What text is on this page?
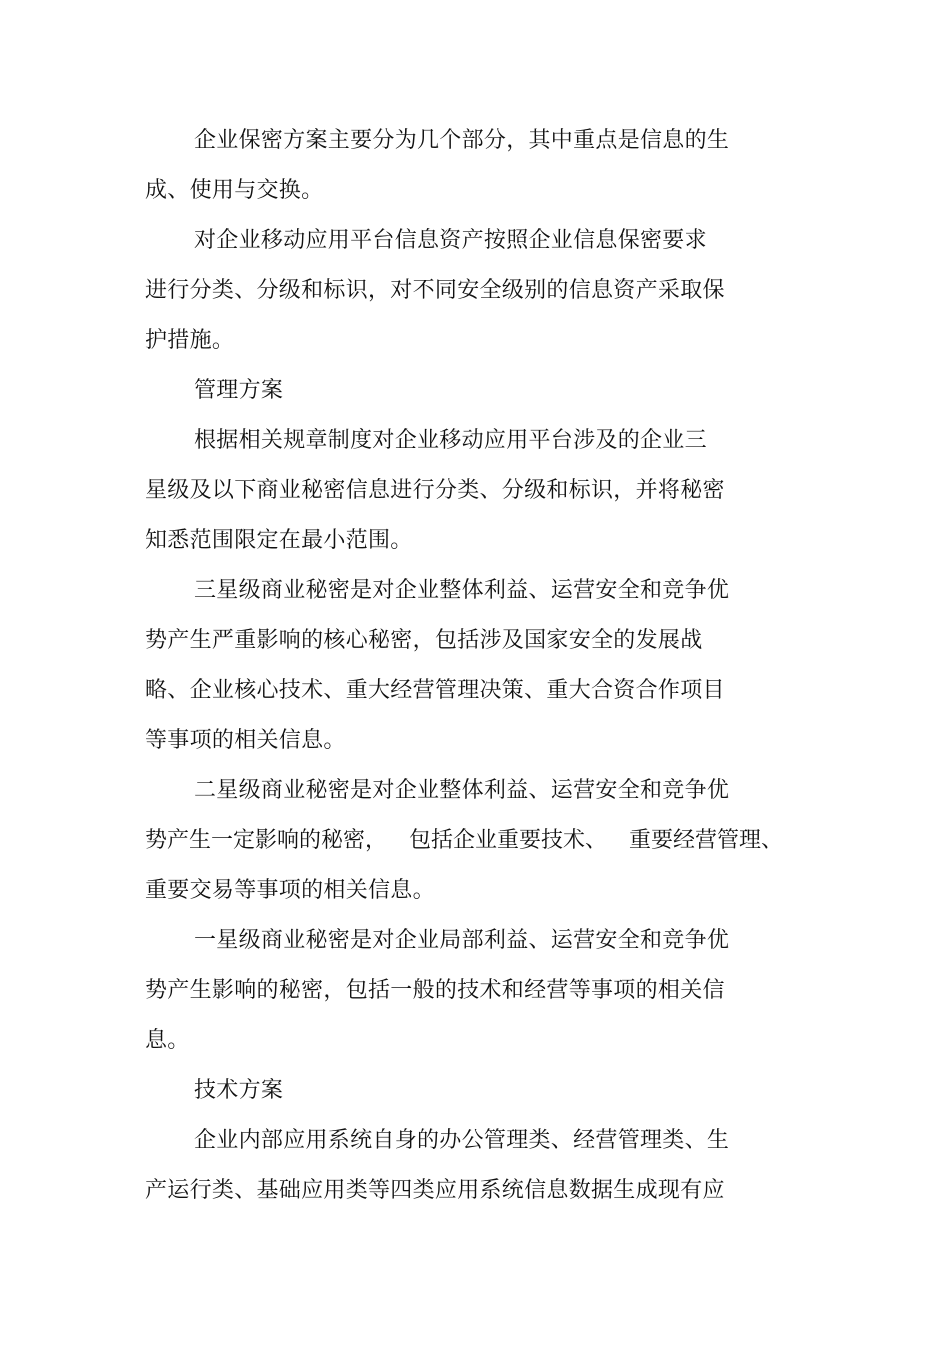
企业保密方案主要分为几个部分，其中重点是信息的生

成、使用与交换。

对企业移动应用平台信息资产按照企业信息保密要求

进行分类、分级和标识，对不同安全级别的信息资产采取保

护措施。

管理方案

根据相关规章制度对企业移动应用平台涉及的企业三

星级及以下商业秘密信息进行分类、分级和标识，并将秘密

知悉范围限定在最小范围。

三星级商业秘密是对企业整体利益、运营安全和竞争优

势产生严重影响的核心秘密，包括涉及国家安全的发展战

略、企业核心技术、重大经营管理决策、重大合资合作项目

等事项的相关信息。

二星级商业秘密是对企业整体利益、运营安全和竞争优

势产生一定影响的秘密， 包括企业重要技术、 重要经营管理、

重要交易等事项的相关信息。

一星级商业秘密是对企业局部利益、运营安全和竞争优

势产生影响的秘密，包括一般的技术和经营等事项的相关信

息。

技术方案

企业内部应用系统自身的办公管理类、经营管理类、生

产运行类、基础应用类等四类应用系统信息数据生成现有应
